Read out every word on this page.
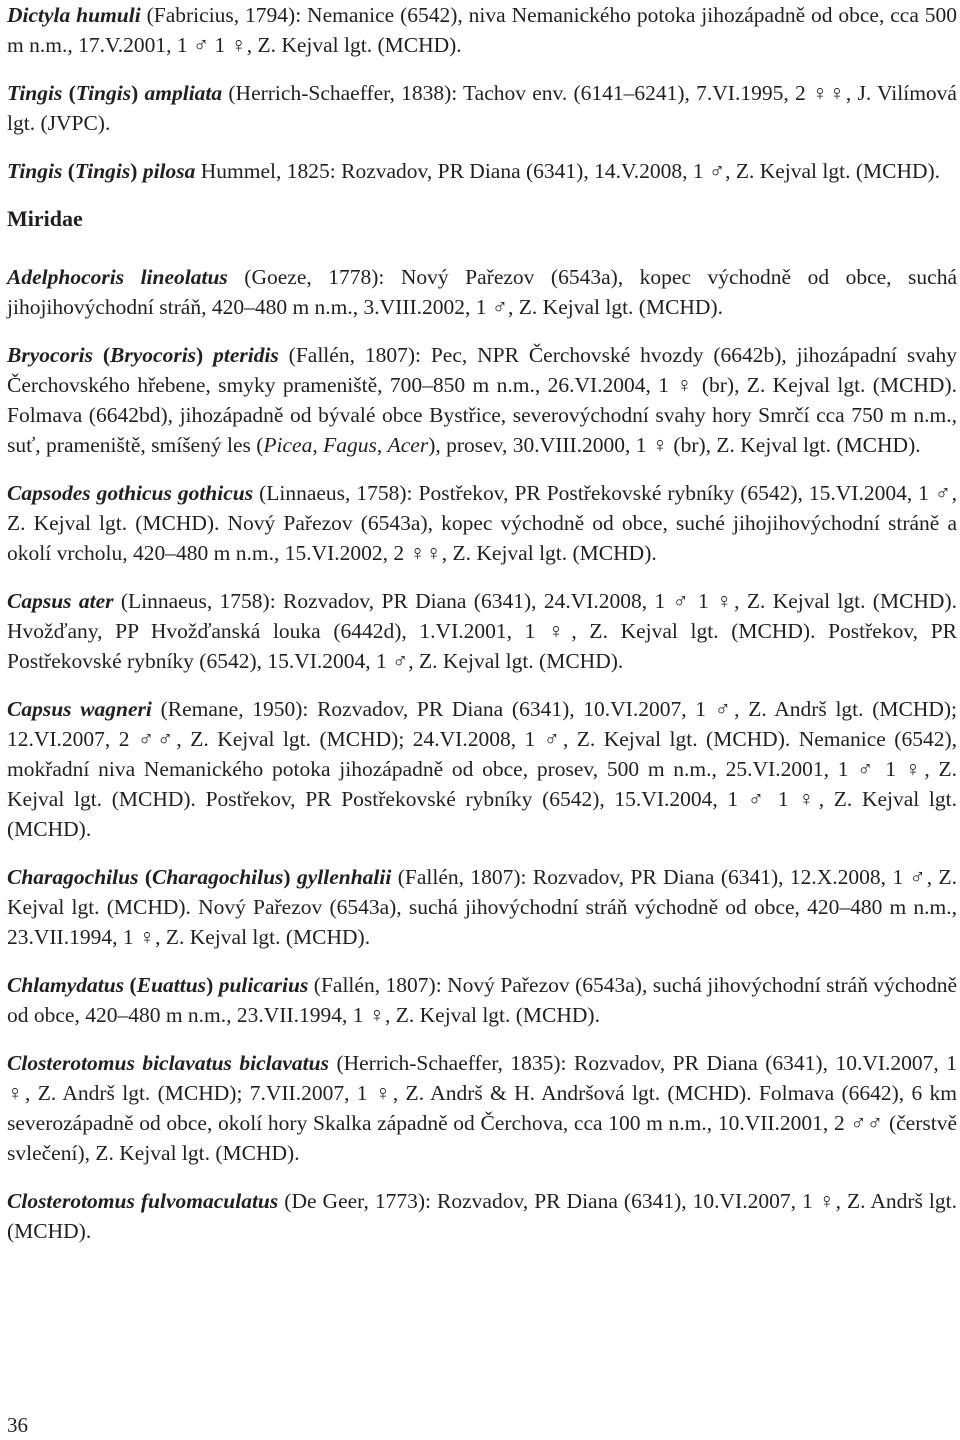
Dictyla humuli (Fabricius, 1794): Nemanice (6542), niva Nemanického potoka jihozápadně od obce, cca 500 m n.m., 17.V.2001, 1 ♂ 1 ♀, Z. Kejval lgt. (MCHD).

Tingis (Tingis) ampliata (Herrich-Schaeffer, 1838): Tachov env. (6141–6241), 7.VI.1995, 2 ♀♀, J. Vilímová lgt. (JVPC).

Tingis (Tingis) pilosa Hummel, 1825: Rozvadov, PR Diana (6341), 14.V.2008, 1 ♂, Z. Kejval lgt. (MCHD).

Miridae

Adelphocoris lineolatus (Goeze, 1778): Nový Pařezov (6543a), kopec východně od obce, suchá jihojihovýchodní stráň, 420–480 m n.m., 3.VIII.2002, 1 ♂, Z. Kejval lgt. (MCHD).

Bryocoris (Bryocoris) pteridis (Fallén, 1807): Pec, NPR Čerchovské hvozdy (6642b), jihozápadní svahy Čerchovského hřebene, smyky prameniště, 700–850 m n.m., 26.VI.2004, 1 ♀ (br), Z. Kejval lgt. (MCHD). Folmava (6642bd), jihozápadně od bývalé obce Bystřice, severovýchodní svahy hory Smrčí cca 750 m n.m., suť, prameniště, smíšený les (Picea, Fagus, Acer), prosev, 30.VIII.2000, 1 ♀ (br), Z. Kejval lgt. (MCHD).

Capsodes gothicus gothicus (Linnaeus, 1758): Postřekov, PR Postřekovské rybníky (6542), 15.VI.2004, 1 ♂, Z. Kejval lgt. (MCHD). Nový Pařezov (6543a), kopec východně od obce, suché jihojihovýchodní stráně a okolí vrcholu, 420–480 m n.m., 15.VI.2002, 2 ♀♀, Z. Kejval lgt. (MCHD).

Capsus ater (Linnaeus, 1758): Rozvadov, PR Diana (6341), 24.VI.2008, 1 ♂ 1 ♀, Z. Kejval lgt. (MCHD). Hvožďany, PP Hvožďanská louka (6442d), 1.VI.2001, 1 ♀, Z. Kejval lgt. (MCHD). Postřekov, PR Postřekovské rybníky (6542), 15.VI.2004, 1 ♂, Z. Kejval lgt. (MCHD).

Capsus wagneri (Remane, 1950): Rozvadov, PR Diana (6341), 10.VI.2007, 1 ♂, Z. Andrš lgt. (MCHD); 12.VI.2007, 2 ♂♂, Z. Kejval lgt. (MCHD); 24.VI.2008, 1 ♂, Z. Kejval lgt. (MCHD). Nemanice (6542), mokřadní niva Nemanického potoka jihozápadně od obce, prosev, 500 m n.m., 25.VI.2001, 1 ♂ 1 ♀, Z. Kejval lgt. (MCHD). Postřekov, PR Postřekovské rybníky (6542), 15.VI.2004, 1 ♂ 1 ♀, Z. Kejval lgt. (MCHD).

Charagochilus (Charagochilus) gyllenhalii (Fallén, 1807): Rozvadov, PR Diana (6341), 12.X.2008, 1 ♂, Z. Kejval lgt. (MCHD). Nový Pařezov (6543a), suchá jihovýchodní stráň východně od obce, 420–480 m n.m., 23.VII.1994, 1 ♀, Z. Kejval lgt. (MCHD).

Chlamydatus (Euattus) pulicarius (Fallén, 1807): Nový Pařezov (6543a), suchá jihovýchodní stráň východně od obce, 420–480 m n.m., 23.VII.1994, 1 ♀, Z. Kejval lgt. (MCHD).

Closterotomus biclavatus biclavatus (Herrich-Schaeffer, 1835): Rozvadov, PR Diana (6341), 10.VI.2007, 1 ♀, Z. Andrš lgt. (MCHD); 7.VII.2007, 1 ♀, Z. Andrš & H. Andršová lgt. (MCHD). Folmava (6642), 6 km severozápadně od obce, okolí hory Skalka západně od Čerchova, cca 100 m n.m., 10.VII.2001, 2 ♂♂ (čerstvě svlečení), Z. Kejval lgt. (MCHD).

Closterotomus fulvomaculatus (De Geer, 1773): Rozvadov, PR Diana (6341), 10.VI.2007, 1 ♀, Z. Andrš lgt. (MCHD).

36
